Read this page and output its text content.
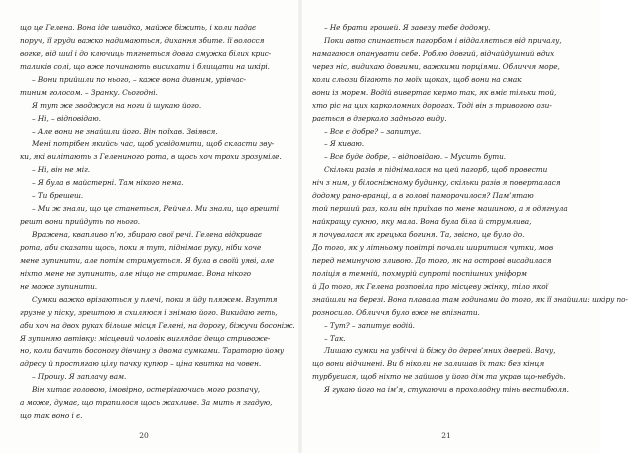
що це Гелена. Вона іде швидко, майже біжить, і коли падає
поруч, її груди важко надимаються, дихання збите. її волосся
вогке, від шиї і до ключиць тягнеться довга смужка білих крис-
таликів солі, що вже починають висихати і блищати на шкірі.
– Вони прийшли по нього, – каже вона дивним, урівчас-
тиним голосом. – Зранку. Сьогодні.
Я тут же зводжуся на ноги й шукаю його.
– Ні, – відповідаю.
– Але вони не знайшли його. Він поїхав. Звіявся.
Мені потрібен якийсь час, щоб усвідомити, щоб скласти зву-
ки, які вилітають з Гелениного рота, в щось хоч трохи зрозуміле.
– Ні, він не міг.
– Я була в майстерні. Там нікого нема.
– Ти брешеш.
– Ми ж знали, що це станеться, Рейчел. Ми знали, що врешті
решт вони прийдуть по нього.
Вражена, квапливо п’ю, збираю свої речі. Гелена відкриває
рота, аби сказати щось, поки я тут, піднімає руку, ніби хоче
мене зупинити, але потім стримується. Я була в своїй уяві, але
ніхто мене не зупинить, але ніщо не стримає. Вона нікого
не може зупинити.
Сумки важко врізаються у плечі, поки я йду пляжем. Взуття
грузне у піску, зрештою я схиляюся і знімаю його. Викидаю геть,
аби хоч на двох руках більше місця Гелені, на дорогу, біжучи босоніж.
Я зупиняю автівку: місцевий чоловік виглядає дещо стривоже-
но, коли бачить босоногу дівчину з двома сумками. Тараторю йому
адресу й простягаю цілу пачку купюр – ціна квитка на човен.
– Прошу. Я заплачу вам.
Він хитає головою, імовірно, остерігаючись мого розпачу,
а може, думає, що трапилося щось жахливе. За мить я згадую,
що так воно і є.
20
– Не брати грошей. Я завезу тебе додому.
Поки авто спинається пагорбом і віддаляється від причалу,
намагаюся опанувати себе. Роблю довгий, відчайдушний вдих
через ніс, видихаю довгими, важкими порціями. Обличчя море,
коли сльози бігають по моїх щоках, щоб вони на смак
вони із морем. Водій вивертає кермо так, як вміє тільки той,
хто ріс на цих карколомних дорогах. Тоді він з тривогою ози-
рається в дзеркало заднього виду.
– Все є добре? – запитує.
– Я киваю.
– Все буде добре, – відповідаю. – Мусить бути.
Скільки разів я піднімалася на цей пагорб, щоб провести
ніч з ним, у білосніжному будинку, скільки разів я поверталася
додому рано-вранці, а в голові паморочилося? Пам’ятаю
той перший раз, коли він приїхав по мене машиною, а я одягнула
найкращу сукню, яку мала. Вона була біла й струмлива,
я почувалася як грецька богиня. Та, звісно, це було до.
До того, як у літньому повітрі почали ширитися чутки, мов
перед неминучою зливою. До того, як на острові висадилася
поліція в темній, похмурій супроті поспішних уніформ
й До того, як Гелена розповіла про місцеву жінку, тіло якої
знайшли на березі. Вона плавала там годинами до того, як її знайшли: шкіру по-
розносило. Обличчя було вже не впізнати.
– Тут? – запитує водій.
– Так.
Лишаю сумки на узбіччі й біжу до дерев’яних дверей. Вачу,
що вони відчинені. Ви б ніколи не залишав їх так: без кінця
турбуєшся, щоб ніхто не зайшов у його дім та украв що-небудь.
Я гукаю його на ім’я, стукаючи в прохолодну тінь вестибюля.
21
